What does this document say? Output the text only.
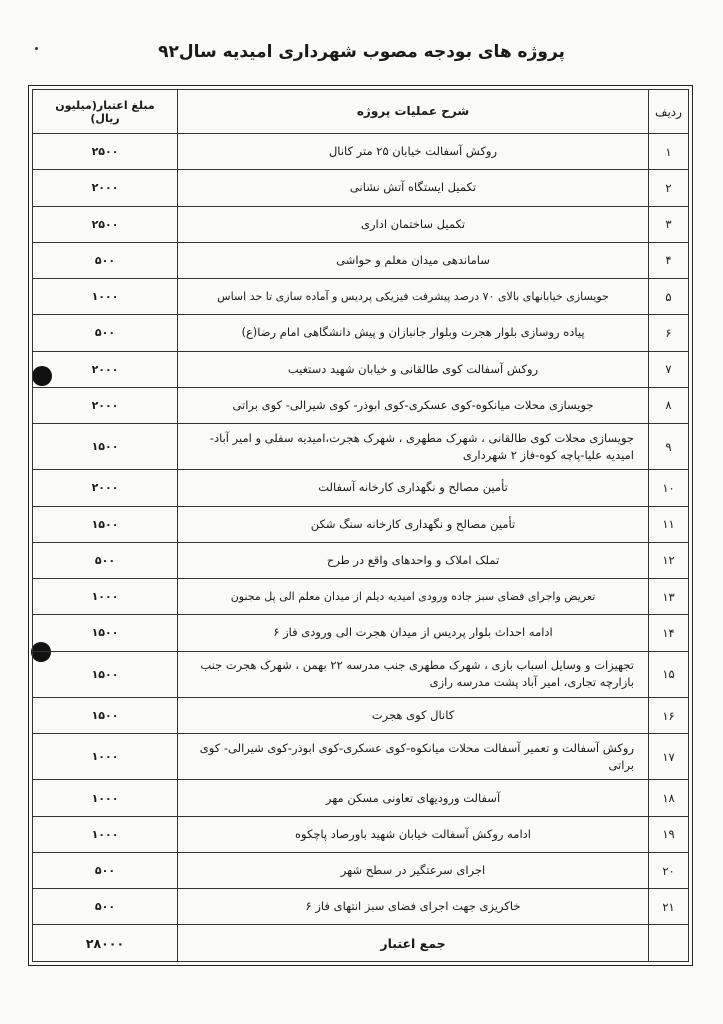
پروژه های بودجه مصوب شهرداری امیدیه سال۹۲
ردیف	شرح عملیات پروژه	مبلغ اعتبار(میلیون ریال)
۱	روکش آسفالت خیابان ۲۵ متر کانال	۲۵۰۰
۲	تکمیل ایستگاه آتش نشانی	۲۰۰۰
۳	تکمیل ساختمان اداری	۲۵۰۰
۴	ساماندهی میدان معلم و حواشی	۵۰۰
۵	جویسازی خیابانهای بالای ۷۰ درصد پیشرفت فیزیکی پردیس و آماده سازی تا حد اساس	۱۰۰۰
۶	پیاده روسازی بلوار هجرت وبلوار جانبازان و پیش دانشگاهی امام رضا(ع)	۵۰۰
۷	روکش آسفالت کوی طالقانی و خیابان شهید دستغیب	۲۰۰۰
۸	جویسازی محلات میانکوه-کوی عسکری-کوی ابوذر- کوی شیرالی- کوی براتی	۲۰۰۰
۹	جویسازی محلات کوی طالقانی ، شهرک مطهری ، شهرک هجرت،امیدیه سفلی و امیر آباد- امیدیه علیا-پاچه کوه-فاز ۲ شهرداری	۱۵۰۰
۱۰	تأمین مصالح و نگهداری کارخانه آسفالت	۲۰۰۰
۱۱	تأمین مصالح و نگهداری کارخانه سنگ شکن	۱۵۰۰
۱۲	تملک املاک و واحدهای واقع در طرح	۵۰۰
۱۳	تعریض واجرای فضای سبز جاده ورودی امیدیه دیلم از میدان معلم الی پل مجنون	۱۰۰۰
۱۴	ادامه احداث بلوار پردیس از میدان هجرت الی ورودی فاز ۶	۱۵۰۰
۱۵	تجهیزات و وسایل اسباب بازی ، شهرک مطهری جنب مدرسه ۲۲ بهمن ، شهرک هجرت جنب بازارچه تجاری، امیر آباد پشت مدرسه رازی	۱۵۰۰
۱۶	کانال کوی هجرت	۱۵۰۰
۱۷	روکش آسفالت و تعمیر آسفالت محلات میانکوه-کوی عسکری-کوی ابوذر-کوی شیرالی- کوی براتی	۱۰۰۰
۱۸	آسفالت ورودیهای تعاونی مسکن مهر	۱۰۰۰
۱۹	ادامه روکش آسفالت خیابان شهید باورصاد پاچکوه	۱۰۰۰
۲۰	اجرای سرعتگیر در سطح شهر	۵۰۰
۲۱	خاکریزی جهت اجرای فضای سبز انتهای فاز ۶	۵۰۰
	جمع اعتبار	۲۸۰۰۰
